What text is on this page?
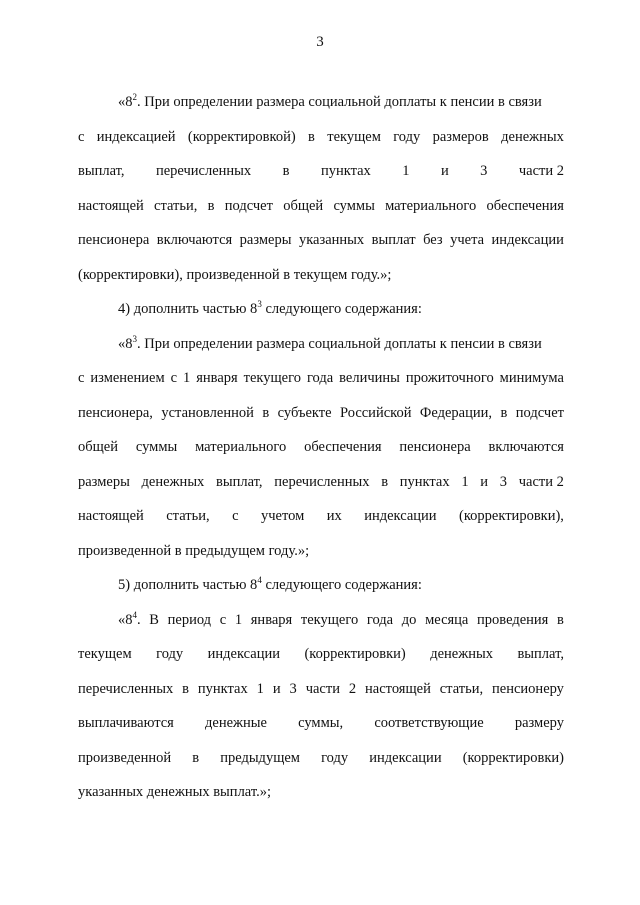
3
«$8^2$. При определении размера социальной доплаты к пенсии в связи
с индексацией (корректировкой) в текущем году размеров денежных
выплат, перечисленных в пунктах 1 и 3 части 2
настоящей статьи, в подсчет общей суммы материального обеспечения
пенсионера включаются размеры указанных выплат без учета индексации
(корректировки), произведенной в текущем году.»;
4) дополнить частью $8^3$ следующего содержания:
«$8^3$. При определении размера социальной доплаты к пенсии в связи
с изменением с 1 января текущего года величины прожиточного минимума
пенсионера, установленной в субъекте Российской Федерации, в подсчет
общей суммы материального обеспечения пенсионера включаются
размеры денежных выплат, перечисленных в пунктах 1 и 3 части 2
настоящей статьи, с учетом их индексации (корректировки),
произведенной в предыдущем году.»;
5) дополнить частью $8^4$ следующего содержания:
«$8^4$. В период с 1 января текущего года до месяца проведения в
текущем году индексации (корректировки) денежных выплат,
перечисленных в пунктах 1 и 3 части 2 настоящей статьи, пенсионеру
выплачиваются денежные суммы, соответствующие размеру
произведенной в предыдущем году индексации (корректировки)
указанных денежных выплат.»;
